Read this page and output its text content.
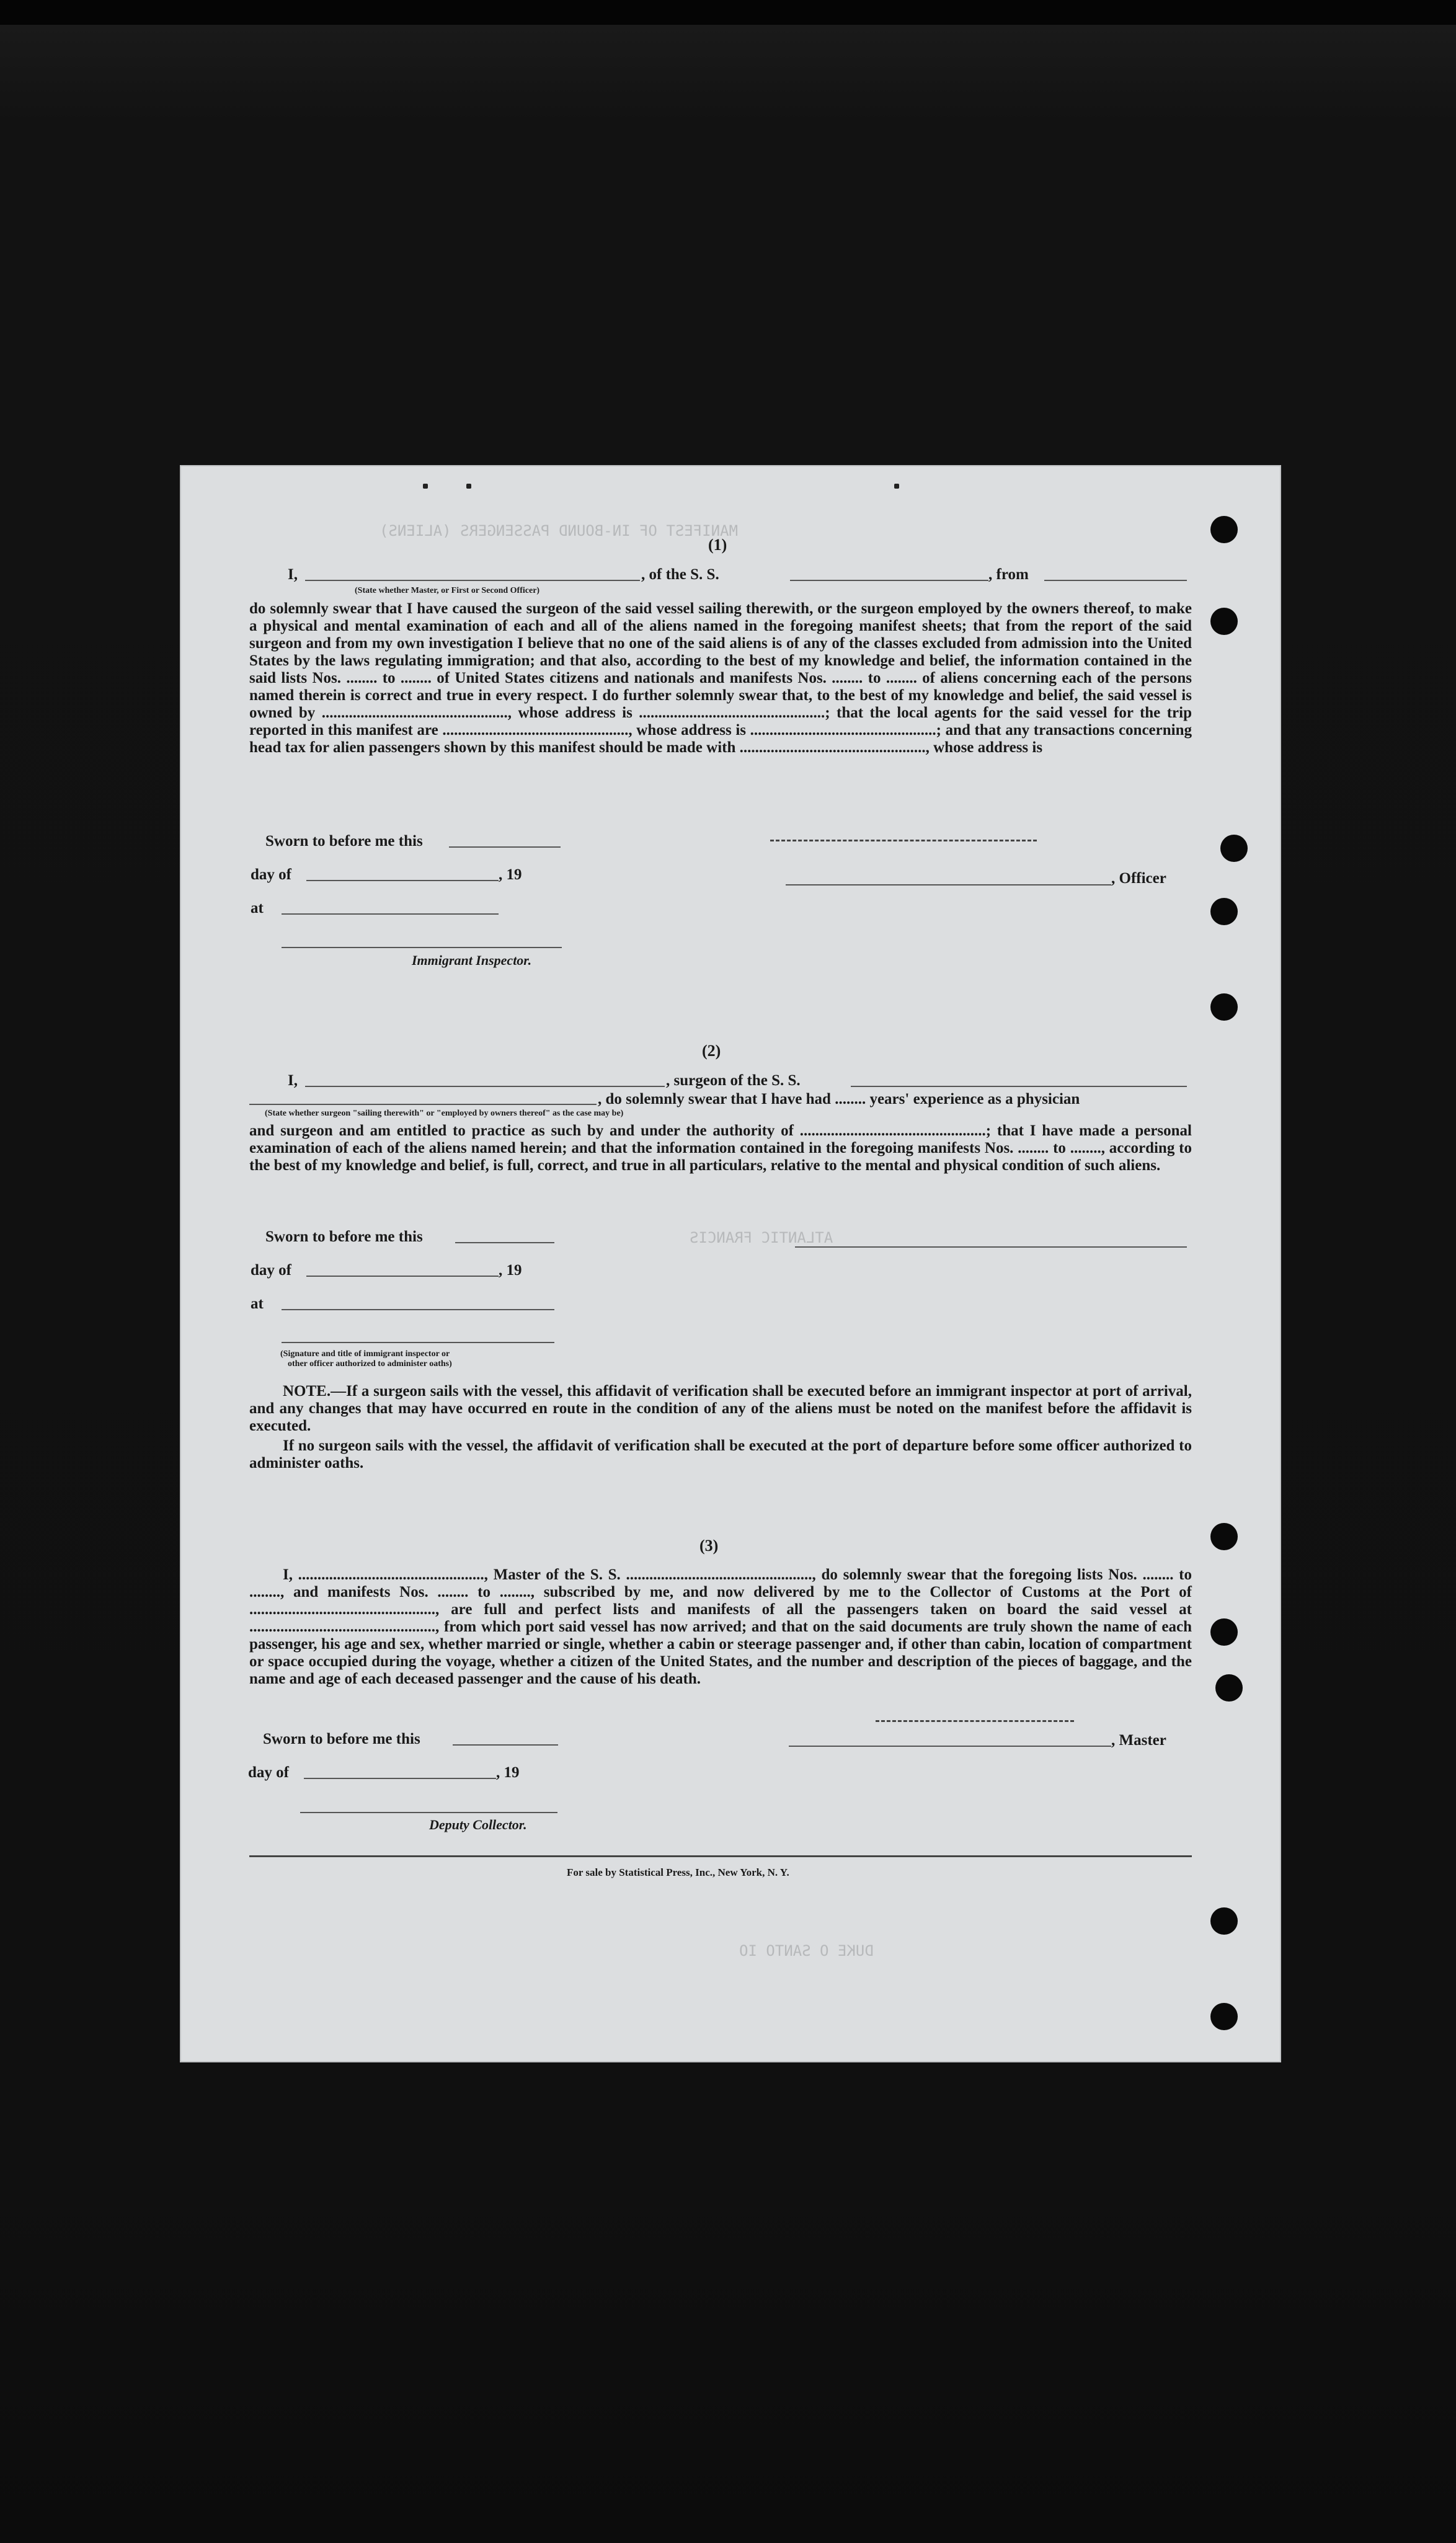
MANIFEST OF IN-BOUND PASSENGERS (ALIENS)
ATLANTIC FRANCIS
DUKE O SANTO IO
(1)
I,	, of the S. S.	, from
(State whether Master, or First or Second Officer)
do solemnly swear that I have caused the surgeon of the said vessel sailing therewith, or the surgeon employed by the owners thereof, to make a physical and mental examination of each and all of the aliens named in the foregoing manifest sheets; that from the report of the said surgeon and from my own investigation I believe that no one of the said aliens is of any of the classes excluded from admission into the United States by the laws regulating immigration; and that also, according to the best of my knowledge and belief, the information contained in the said lists Nos. ........ to ........ of United States citizens and nationals and manifests Nos. ........ to ........ of aliens concerning each of the persons named therein is correct and true in every respect. I do further solemnly swear that, to the best of my knowledge and belief, the said vessel is owned by ................................................, whose address is ................................................; that the local agents for the said vessel for the trip reported in this manifest are ................................................, whose address is ................................................; and that any transactions concerning head tax for alien passengers shown by this manifest should be made with ................................................, whose address is
Sworn to before me this
day of	, 19
at
Immigrant Inspector.
, Officer
(2)
I,	, surgeon of the S. S.
, do solemnly swear that I have had ........ years' experience as a physician
(State whether surgeon "sailing therewith" or "employed by owners thereof" as the case may be)
and surgeon and am entitled to practice as such by and under the authority of ................................................; that I have made a personal examination of each of the aliens named herein; and that the information contained in the foregoing manifests Nos. ........ to ........, according to the best of my knowledge and belief, is full, correct, and true in all particulars, relative to the mental and physical condition of such aliens.
Sworn to before me this
day of	, 19
at
(Signature and title of immigrant inspector or
other officer authorized to administer oaths)
NOTE.—If a surgeon sails with the vessel, this affidavit of verification shall be executed before an immigrant inspector at port of arrival, and any changes that may have occurred en route in the condition of any of the aliens must be noted on the manifest before the affidavit is executed.
If no surgeon sails with the vessel, the affidavit of verification shall be executed at the port of departure before some officer authorized to administer oaths.
(3)
I, ................................................, Master of the S. S. ................................................, do solemnly swear that the foregoing lists Nos. ........ to ........, and manifests Nos. ........ to ........, subscribed by me, and now delivered by me to the Collector of Customs at the Port of ................................................, are full and perfect lists and manifests of all the passengers taken on board the said vessel at ................................................, from which port said vessel has now arrived; and that on the said documents are truly shown the name of each passenger, his age and sex, whether married or single, whether a cabin or steerage passenger and, if other than cabin, location of compartment or space occupied during the voyage, whether a citizen of the United States, and the number and description of the pieces of baggage, and the name and age of each deceased passenger and the cause of his death.
Sworn to before me this
day of	, 19
Deputy Collector.
, Master
For sale by Statistical Press, Inc., New York, N. Y.
